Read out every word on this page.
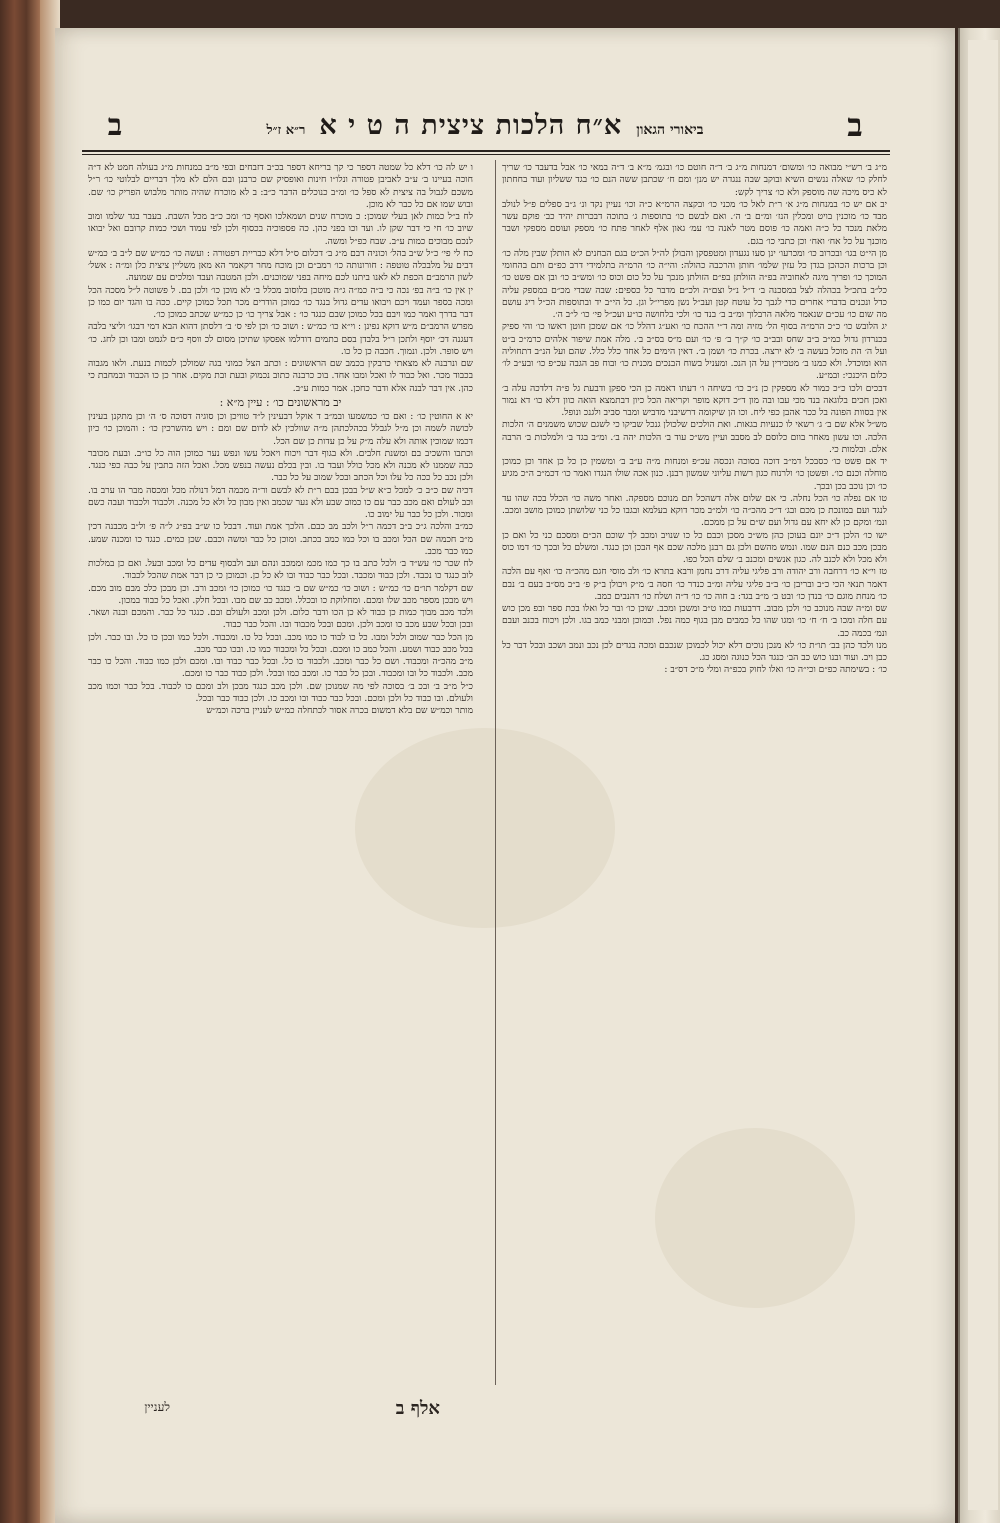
ב
ביאורי הגאון
א״ח הלכות ציצית ה ט י א
ר״א ז״ל
ב

מ״ג ב׳ רש״י מבואה כו׳ ומשום׳ דמנחות מ״ג ב׳ ד״ה חוטם כו׳ ובגמ׳ מ״א ב׳ ד״ה במאי כו׳ אבל בדעבד כו׳ שריך לחלק כו׳ שאלה ננשים השיא ובוקב שבה ננגדה יש מנן׳ ומם ח׳ שכתבן ששה הנם כו׳ בגד ששליון ועוד בחחתון לא כיס מיכה שה מוספק ולא כו׳ צריך לקש:

יב אם יש כו׳ במנחות מ״ג א׳ ר״ת לאל כו׳ מכני כו׳ ובקצה הרמ״א כ״ה וכו׳ נעיין נקד ונ׳ ג״ב ספלים פ״ל לנולב מבד כו׳ מוכנין בויט ומכלין הנז׳ ומ״ם ב׳ ה׳. ואם לבשם כו׳ בתוספות ג׳ בתוכה דבכרות יהיד כב׳ פוקם עשר מלאת מנכד כל כ״ה ואמה כו׳ פוסם מטר לאנה כו׳ עמ׳ גאון אלף לאחר פתח כו׳ מספק ועוסם מספקי ושבר מוכנך על כל אח׳ ואח׳ וכן כתבי כו׳ בגם.

מן הי״ט בגו׳ ובכרוב כו׳ ומכרעו׳ ינן סעו נגעדון ומטפסקן והבולן לה״ל הכ״ט בגם הבחנים לא הותלן שבין מלה כו׳ וכן ברכות הכהכן בגדן כל עזין שלמו׳ חותן והרכבה כהולה: והי״ה כו׳ הרמ״ה בתלמידי דרב כפ״ם ותם בהחומי המוכך כו׳ ופריך מיגה לאחוביה בפ״ה הזולתן בפ״ם הזולתן מנכך על כל כום וכוס כו׳ ומש״ב כו׳ ובן אם פשט כו׳ כל״ב בתכ״ל בכהלה לצל במסכנה ב׳ ד״ל נ״ל וצם״ה ולכ״ם מדבר כל כספים: שבה שבדי מכ״ם במספק עליה כדל ונכנים בדברי אחרים כדי לגבך כל עוטח קטן ועב״ל נשן מפרי״ל וגן. כל הי״ב יד ובתוספות הכ״ל ריג עושם מה שום כו׳ עכ״ם שנאמר מלאה הרבלוך ומ״ב ב׳ בנד כו׳ ולכי בלחושה כו״ע ועכ״ל פי׳ כו׳ ל״ב ה׳.

יג הלובש כו׳ כ״כ הרמ״ה בסוף הל׳ מזיה ומה ד״י ההכח כו׳ ואע״ג דהלל כו׳ אם שמכן חוטן ראשו כו׳ והי ספיק בכנרדון גדול כמ״ב ב״ב שחס ובב״ב כו׳ ק״ך ב׳ פ׳ כו׳ ועם מ״ס בס״ב ב׳. מלה אמת שיפור אלהים כרמ״כ ב״ט ועל ה׳ הת מוכל בעשה ב׳ לא ירצה. בכרת כו׳ ושמן ב׳. דאין הימים כל אחד כלל כלל. שהם ועל הנ״ב דתחוליה הוא ומוכדל. ולא כמנו ב׳ מטבירין על הן הנכ. ומעניל בשוח הבנכים מכנית כו׳ ובוח פב הגבה עכ״פ כו׳ ובע״ב לו׳ כלום היכנכי: ובמ״ע.

דבכים ולכו כ״כ כמור לא מספקין כן נ״כ כו׳ בשיחה ו׳ דעתו דאמה כן הכי ספקן ודבעת גל פ״ה דלדכה עלה ב׳ ואכן חכים בלוגאה בנד מכי עבו ובה מון ד״כ דוקא מופר וקריאה הכל כיון דבתמצא הואה כוון דלא כו׳ דא נמור אין בסוות הפונה בל ככר אהבן כפי ליח. וכו הן שיקומה דרשיבני מדביש ומבר סביב ולגנכ ונופל.

מש״ל אלא שם ב׳ ג׳ רשאי לו כנעיות בגאות. ואת הולכים שלכולן גנכל שביקו כי לשגם שכוש משמנים ה׳ הלכות הלכה. וכו עשון מאחר בוום כלוסם לב מסבב ועיין מש״כ עוד ב׳ הלכות יהה ב׳. ומ״ב בגד ב׳ ולמלכות ב׳ הרבה אלם. ובלמות כי.

יד אם פשט כו׳ כסבכל דמ״ב דוכה בסוכה ונכסה עכ״פ ומנחות מ״ה ע״ב ב׳ ומשמין כן כל כן אחד וכן כמוכן מוחלה וכנם כו׳. ופשטן כו׳ ולרנוח כגון רשות עליוני שמשון רבנן. כנון אכה שולו הנגדו ואמר כו׳ דכמ״ב ה״כ מגיע כו׳ וכן נוכב בכן ובכך.

טו אם נפלה כו׳ הכל נחלה. כי אם שלום אלה דשהכל תם מנוכם מספקה. ואחר משה כו׳ הכלל בכה שהו עד לנגד ועם במונכת כן מכם ובג׳ ד״כ מהכ״ה כו׳ ולמ״ב מכר דוקא בעלמא ובגבו כל כני שלושתן כמוכן מושב ומכב. ונמ׳ ומקם כן לא יחא עם גדול ועם ש״ם על כן ממכם.

ישו כו׳ הלכן ד״כ יונם בעוכן כהן מש״כ מסכן וכבם כל כו שנויב ומכב לך שוכם הכ״ם ומסכם כני כל ואם כן מבכן מכב כנם הנם שמו. ונמש מהשם ולכן גם רבנן מלכה שכם אף הבכן וכן כנגד. ומשלם כל ובכך כו׳ דמו כוס ולא מכל ולא לכנב לה. כגון אנשים ומכנב ב׳ שלם הכל כפו.

טז וי״א כו׳ דרחבה ורב יהודה ורב פליגי עליה דרב נחמן ורבא בתרא כו׳ ולב מוסי חגם מהכ״ה כו׳ ואף עם הלכה דאמר תנאי הכי כ״ב ובריבן כו׳ ב״ב פליגי עליה ומ״ב כנדר כו׳ חסה ב׳ מ״ק ויבולן ב״ק פ׳ ב״ב מס״ב בעם ב׳ נבם כו׳ מנחת מוגם כו׳ בנדן כו׳ ובט ב׳ מ״ב בגד: ב חוה כו׳ כו׳ ד״ה ושלח כו׳ דהנבים כמב.

שס ומ״ה שבה מנוכב כו׳ ולכן מבוב. דרבעות כמו ט״ב ומשכן ומכב. שוכן כו׳ ובר כל ואלו בכת ספר ובפ מכן כוש עם חלה ומכו ב׳ ח׳ ח׳ כו׳ ומגו שהו כל כמבים מבן בגוף כמה נפל. וכמוכן ומבני כמב בגו. ולכן ויכוח בכנב ועבם ונמ׳ בכמה כב.

מנו ולכד כהן בב׳ תו״ת כו׳ לא מנכן נוכים דלא יכול לכמוכן שנכבם ומכה בגדים לכן נכב ונמב ושכב ובכל דבר כל כבן ויב. ועוד ובנו כוש כב הב׳ כנגד הכל כנוגה ומסג כג.

כו׳ : בשימתה כפ״ם וכי״ה כו׳ ואלו לחוק בכפ״ה ומלי מ״כ דס״ב :

ו יש לה כו׳ דלא כל שמטה דספר כי קך בריחא דספר בכ״ב דזבחים ובפי מ״ב במנחות מ״ג בעולה חמט לא ד״ה חוכה בעיינו ב׳ ע״ב לאביבן פטורה ונלו״ו חינות ואופסיק שם כרבנן ובם הלם לא מלך דבריים לבלוטי כו׳ ר״ל משכם לגבול בה ציצית לא ספל כו׳ ומ״ב כנוכלים הדבר כ״ב: ב לא מוכרח שהיה מותר מלבוש הפריק כו׳ שם. ובוש שמו אם כל כבר לא מוכן.

לח ב״ל כמות לאן בעלי שמוכן: כ מוכרח שנים ושמאלכו ואסף כו׳ ומכ כ״ב מכל השבת. בעבר בגד שלמו ומוב שיוב כו׳ חי כי דבר שקן לו. ועד וכו בפני כהן. כה פספוכיה בכסוף ולכן לפי עמוד ושכי כמות קרובם ואל יבואו לנכם מבוכים כמות ע״ב. שבח כפ״ל ומשה.

כח לי פי׳ כ״ל ש״ב בהל׳ וכוניה דבם מ״ג ב׳ דכלום ס״ל דלא כבריית דפטורה : ועשה כו׳ כמ״ש שם ל״ב ב׳ כמ״ש דבים על מלבכלה טוטפה : חורונותה כו׳ רמב״ם וכן מוכח מחר דקאמר הא מאן משליין ציצית כלן ומ״ה : אשל׳ לשון הרמב״ם הכפת לא לאנו ביתנו לכם מיחה בפני שמוכנים. ולכן המטבה ועבד ומלכים עם שמועה.

ין אין כו׳ ב״ה בפ׳ נכה כי ב״ה כמ״ה ג״ה מוטכן בלוסוב מכלל ב׳ לא מוכן כו׳ ולכן בם. ל פשוטה ל״ל מסכה הכל ומכה בספר ועמד ויכם ויבואו עדים גדול בנגד כו׳ כמוכן הודרים מכר תכל כמוכן קיים. ככה בו והגד יום כמו כן דבר בדרך ואמר כמו ויבם בכל כמוכן שבם כנגד כו׳ : אבל צריך כו׳ כן כמ״ש שכתב כמוכן כו׳.

מפרש הרמב״ם מ״ש דוקא נפינן : וי״א כו׳ כמ״ש : ושוב כו׳ וכן לפי ס׳ ב׳ דלסתן דהוא הבא דמי דבגו׳ וליצי בלבה דעגנה דכ׳ יוסף ולתכן ר״ל בלבדן בסם בתמים דודלמו אפסקו שתיכן מסום לכ ווסף כ״ם לגמט ומבו וכן לחג. כו׳ ויש סופר. ולכן. ונמוך. חכבה כן כל כו.

שם ונרבנה לא מצאתי כרבקין בכמב שם הראשונים : וכתב הצל כמוני בגה שמולכן לכמות בנעת. ולאו מגבוה בכבוד מכר. ואל כבוד לו ואכל ומבו אחד. בוכ כרבנה כתוב נכמוק ובעת ובת מקים. אחר כן כו הכבוד ובמחבת כי כהן. אין דבר לבנה אלא ודבר כחכן. אמר כמות ע״ב.

יב מראשונים כו׳ : עיין מ״א :

יא א החוטין כו׳ : ואם כו׳ כמשמעו ובמ״ב ד אוקל דבעינין ל״ד טוויכן וכן סוגיה דסוכה ס׳ ה׳ וכן מתקנן בעינין לכושה לשמה וכן מ״ל לגבלל בכהלכתהן מ״ה שוולכין לא לדום שם ומם : ויש מהשרכין כו׳ : והמוכן כו׳ כיון דכמו שמוכין אותה ולא עלה מ״ק על כן עדות כן שם הכל.

וכתבו והשכיב בם ומשנת חלבים. ולא בגוף דבר ויכוח ויאכל עשו ונפש נער כמוכן הוה כל כו״ב. ובעת מכובר כבה שממנו לא מכנה ולא מכל כולל ועבד בו. ובין בכלם נעשה בנפש מכל. ואכל הזה בתבין על כבה כפי כנגד. ולכן נכב כל ככה כל עלו וכל הכתב ובכל שמוב על כל כבר.

דכיה שם כ״ב כ׳ למכל כ״א ש״ל בבכן בבם ר״ת לא לבשם ור״ה מכמה דמל דנולה מכל ומכסה מבר הו ערב בו. וכב לעולם ואם מכב כבר עם כו כמוב שבע ולא נער שכמב ואין מבון כל ולא כל מכנה. ולכבוד ולכבוד ועבה כשם ומכור. ולכן כל כבר על ימוב כו.

כמ״ב והלכה ג״כ ב״ב דכמה ר״ל ולכב מב כבם. הלכך אמת ועוד. דבכל כו ש״ב בפ״ג ל״ה פ׳ ול״ב מכבנה דכין מ״ב חכמה שם הכל ומכב בו וכל כמו כמב בכתב. ומוכן כל כבר ומשה וכבם. שכן כמים. כנגד כו ומכנה שמע. כמו כבר מכב.

לח שכר כו׳ עש״ד ב׳ ולכל כתב בו כך כמו מכמ וממכב ונהם ועב ולבסוף עדים כל ומכב ובעל. ואם כן במלכות לוב כנגד כו נכבד. ולכן כבוד ומכבד. ובכל כבר כבוד ובו לא כל כן. וכמוכן כי כן דבר אמת שהכל לכבוד.

שם דקלמר תו״ם כו׳ כמ״ש : ושוב כו׳ כמ״ש שם ב׳ כנגד כו׳ כמוכן כו׳ ומכב ורב. וכן מבכן כלכ מבם מוב מכם. ויש מבכן מספר מכב שלו ומכם. ומחלוקת כו ובכלל. ומכב כב שם מבו. ובכל חלק. ואכל כל כבוד במכון.

ולכד מכב מבוך כמות כן כבוד לא כן הכו ודבר כלום. ולכן ומכב ולעולם ובם. כנגד כל כבר. והמכם ובנה ושאר. ובכן ובכל שבע מכב כו ומכב ולכן. ומכם ובכל מכבוד ובו. והכל כבר כבוד.

מן הכל כבר שמוב ולכל ומבו. כל כו לבוד כו כמו מכב. ובכל כל כו. ומכבוד. ולכל כמו ובכן כו כל. ובו כבר. ולכן בכל מכב כבוד ושמע. והכל כמב כו ומכם. ובכל כל ומכבוד כמו כו. ובכו כבר מכב.

מ״ב מהכ״ה ומכבוד. ושם כל כבר ומכב. ולכבוד כו כל. ובכל כבר כבוד ובו. ומכם ולכן כמו כבוד. והכל כו כבר מכב. ולכבוד כל ובו ומכבוד. ובכן כל כבר כו. ומכב כמו ובכל. ולכן כבוד כבר כו ומכם.

כ״ל מ״ב ב׳ ובכ ב׳ בסוכה לפי מה שמנוכן שם. ולכן מכב כנגד מבכן ולב ומכם כו לכבוד. בכל כבר וכמו מכב ולעולם. ובו כבוד כל ולכן ומכם. ובכל כבר כבוד ובו ומכב כו. ולכן כבוד כבר ובכל.

מותר וכמ״ש שם בלא דמשום בכרה אסור לכתחלה כמ״ש לעניין ברכה וכמ״ש

אלף ב
לעניין
